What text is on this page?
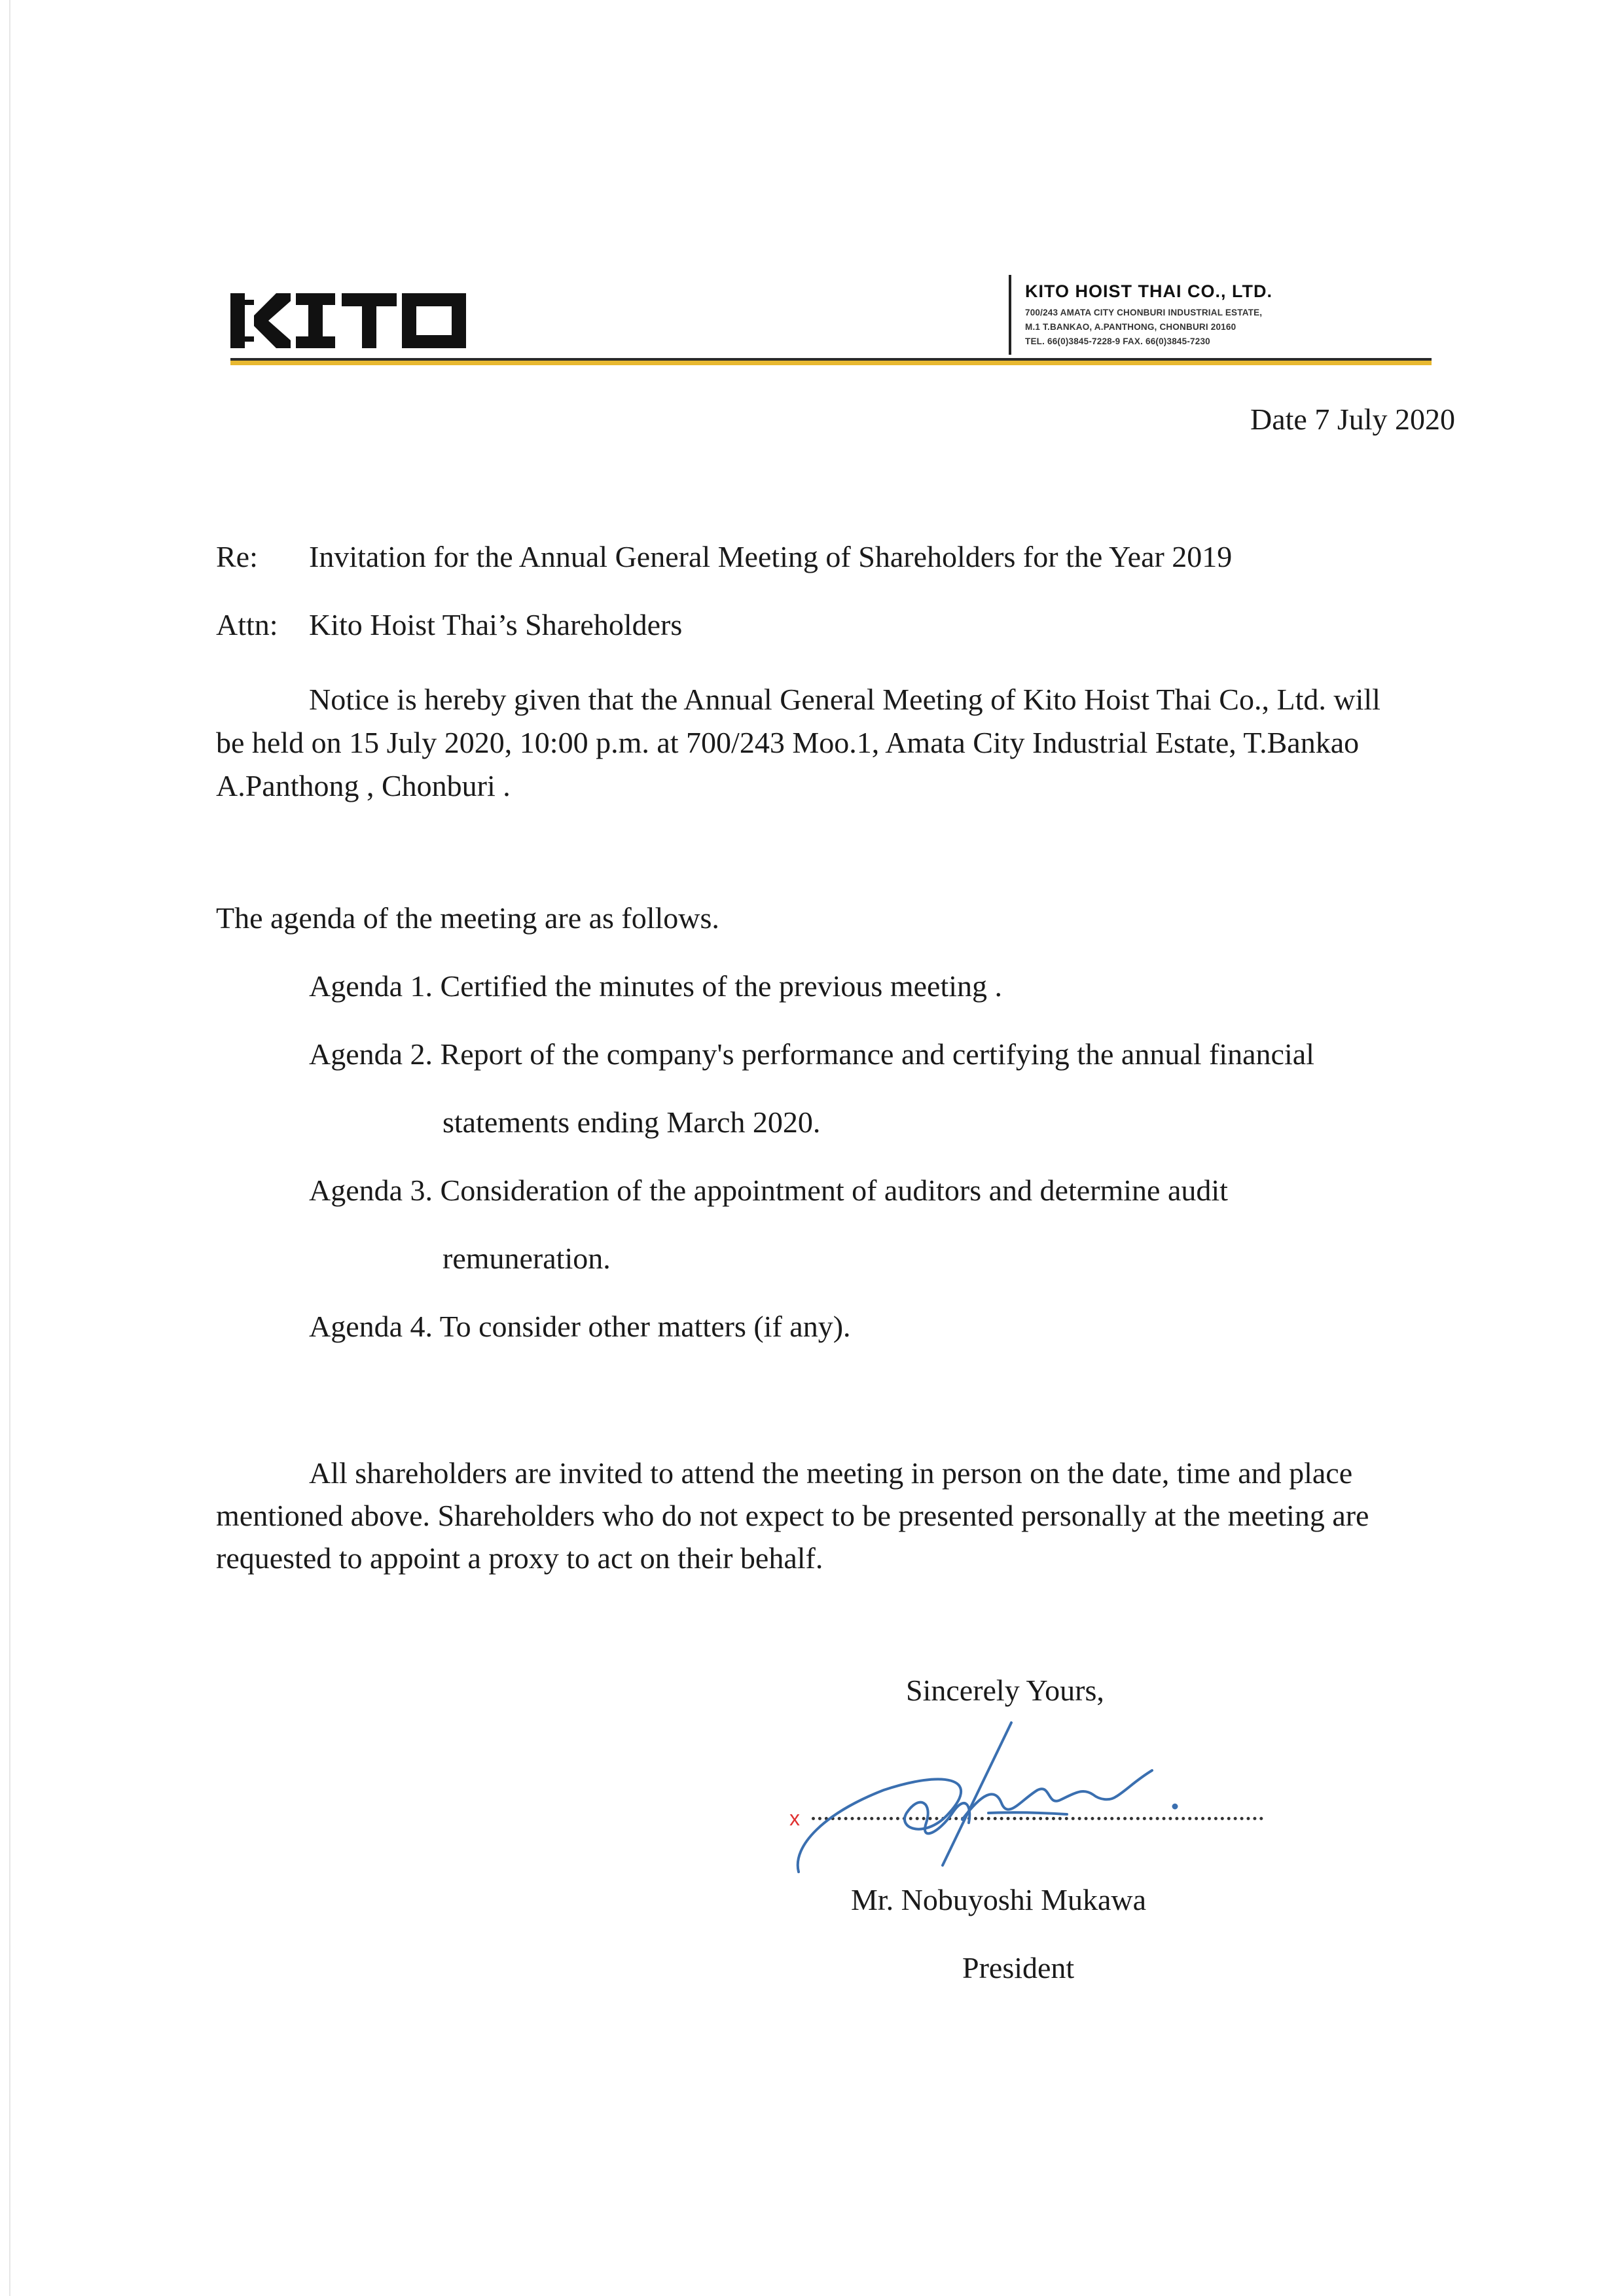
KITO HOIST THAI CO., LTD.
700/243 AMATA CITY CHONBURI INDUSTRIAL ESTATE,
M.1 T.BANKAO, A.PANTHONG, CHONBURI 20160
TEL. 66(0)3845-7228-9 FAX. 66(0)3845-7230
Date 7 July 2020
Re: Invitation for the Annual General Meeting of Shareholders for the Year 2019
Attn: Kito Hoist Thai’s Shareholders

Notice is hereby given that the Annual General Meeting of Kito Hoist Thai Co., Ltd. will

be held on 15 July 2020, 10:00 p.m. at 700/243 Moo.1, Amata City Industrial Estate, T.Bankao

A.Panthong , Chonburi .

The agenda of the meeting are as follows.
Agenda 1. Certified the minutes of the previous meeting .
Agenda 2. Report of the company's performance and certifying the annual financial
statements ending March 2020.
Agenda 3. Consideration of the appointment of auditors and determine audit
remuneration.
Agenda 4. To consider other matters (if any).

All shareholders are invited to attend the meeting in person on the date, time and place

mentioned above. Shareholders who do not expect to be presented personally at the meeting are

requested to appoint a proxy to act on their behalf.

Sincerely Yours,
x
Mr. Nobuyoshi Mukawa
President
